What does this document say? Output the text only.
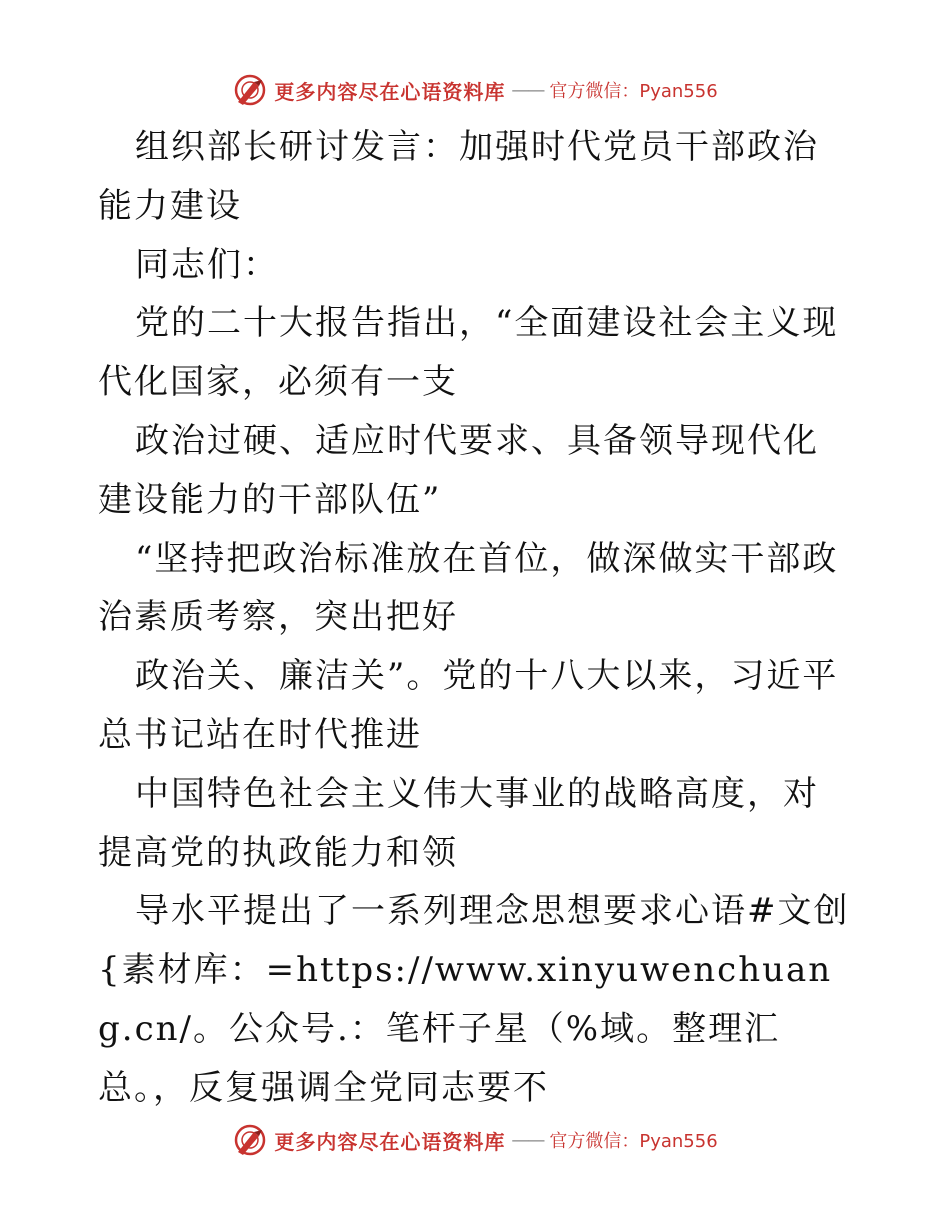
更多内容尽在心语资料库 —— 官方微信：Pyan556

组织部长研讨发言：加强时代党员干部政治能力建设

同志们：

党的二十大报告指出，“全面建设社会主义现代化国家，必须有一支

政治过硬、适应时代要求、具备领导现代化建设能力的干部队伍”

“坚持把政治标准放在首位，做深做实干部政治素质考察，突出把好

政治关、廉洁关”。党的十八大以来，习近平总书记站在时代推进

中国特色社会主义伟大事业的战略高度，对提高党的执政能力和领

导水平提出了一系列理念思想要求心语#文创{素材库：=https://www.xinyuwenchuang.cn/。公众号.：笔杆子星（%域。整理汇总。，反复强调全党同志要不

更多内容尽在心语资料库 —— 官方微信：Pyan556
